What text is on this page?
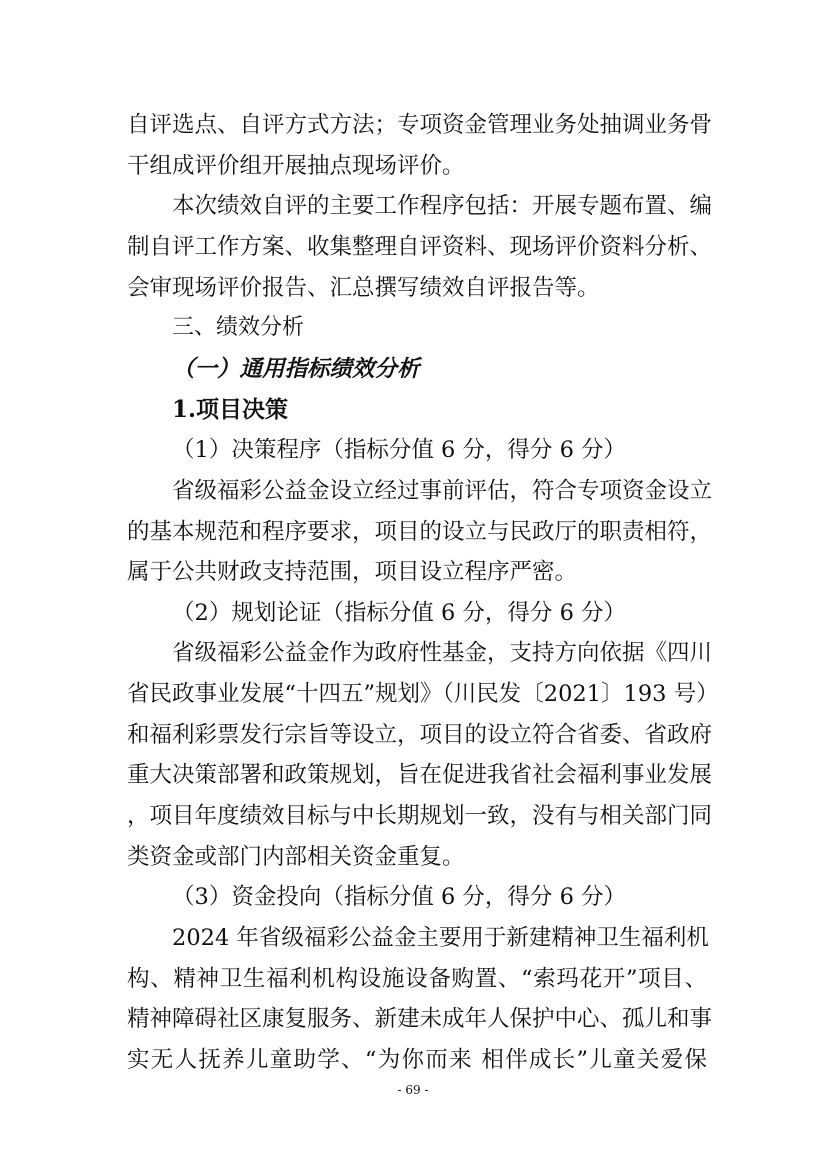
自评选点、自评方式方法；专项资金管理业务处抽调业务骨
干组成评价组开展抽点现场评价。
本次绩效自评的主要工作程序包括：开展专题布置、编
制自评工作方案、收集整理自评资料、现场评价资料分析、
会审现场评价报告、汇总撰写绩效自评报告等。
三、绩效分析
（一）通用指标绩效分析
1.项目决策
（1）决策程序（指标分值 6 分，得分 6 分）
省级福彩公益金设立经过事前评估，符合专项资金设立
的基本规范和程序要求，项目的设立与民政厅的职责相符，
属于公共财政支持范围，项目设立程序严密。
（2）规划论证（指标分值 6 分，得分 6 分）
省级福彩公益金作为政府性基金，支持方向依据《四川
省民政事业发展“十四五”规划》（川民发〔2021〕193 号）
和福利彩票发行宗旨等设立，项目的设立符合省委、省政府
重大决策部署和政策规划，旨在促进我省社会福利事业发展
，项目年度绩效目标与中长期规划一致，没有与相关部门同
类资金或部门内部相关资金重复。
（3）资金投向（指标分值 6 分，得分 6 分）
2024 年省级福彩公益金主要用于新建精神卫生福利机
构、精神卫生福利机构设施设备购置、“索玛花开”项目、
精神障碍社区康复服务、新建未成年人保护中心、孤儿和事
实无人抚养儿童助学、“为你而来 相伴成长”儿童关爱保
- 69 -
